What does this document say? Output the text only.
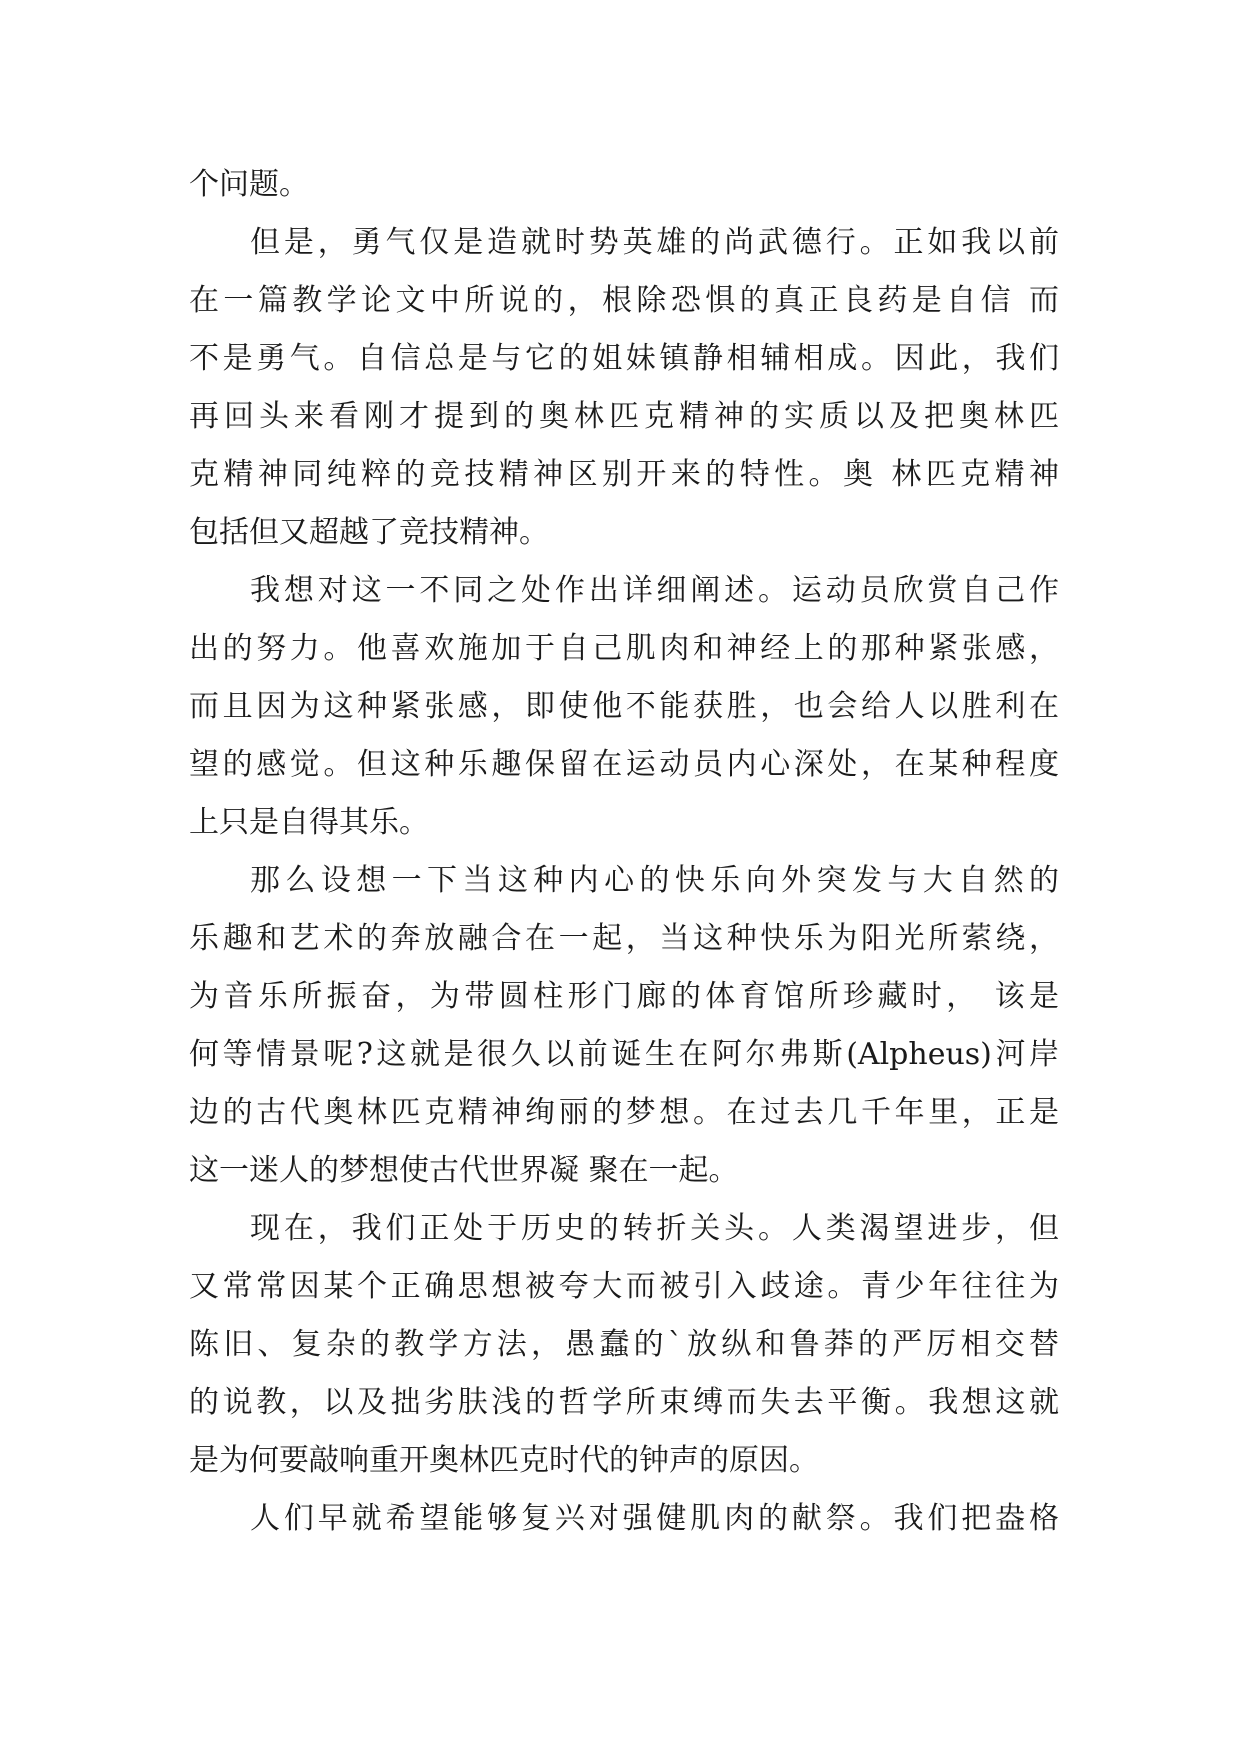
个问题。
但是，勇气仅是造就时势英雄的尚武德行。正如我以前
在一篇教学论文中所说的，根除恐惧的真正良药是自信 而
不是勇气。自信总是与它的姐妹镇静相辅相成。因此，我们
再回头来看刚才提到的奥林匹克精神的实质以及把奥林匹
克精神同纯粹的竞技精神区别开来的特性。奥 林匹克精神
包括但又超越了竞技精神。
我想对这一不同之处作出详细阐述。运动员欣赏自己作
出的努力。他喜欢施加于自己肌肉和神经上的那种紧张感，
而且因为这种紧张感，即使他不能获胜，也会给人以胜利在
望的感觉。但这种乐趣保留在运动员内心深处，在某种程度
上只是自得其乐。
那么设想一下当这种内心的快乐向外突发与大自然的
乐趣和艺术的奔放融合在一起，当这种快乐为阳光所萦绕，
为音乐所振奋，为带圆柱形门廊的体育馆所珍藏时， 该是
何等情景呢?这就是很久以前诞生在阿尔弗斯(Alpheus)河岸
边的古代奥林匹克精神绚丽的梦想。在过去几千年里，正是
这一迷人的梦想使古代世界凝 聚在一起。
现在，我们正处于历史的转折关头。人类渴望进步，但
又常常因某个正确思想被夸大而被引入歧途。青少年往往为
陈旧、复杂的教学方法，愚蠢的`放纵和鲁莽的严厉相交替
的说教，以及拙劣肤浅的哲学所束缚而失去平衡。我想这就
是为何要敲响重开奥林匹克时代的钟声的原因。
人们早就希望能够复兴对强健肌肉的献祭。我们把盎格
